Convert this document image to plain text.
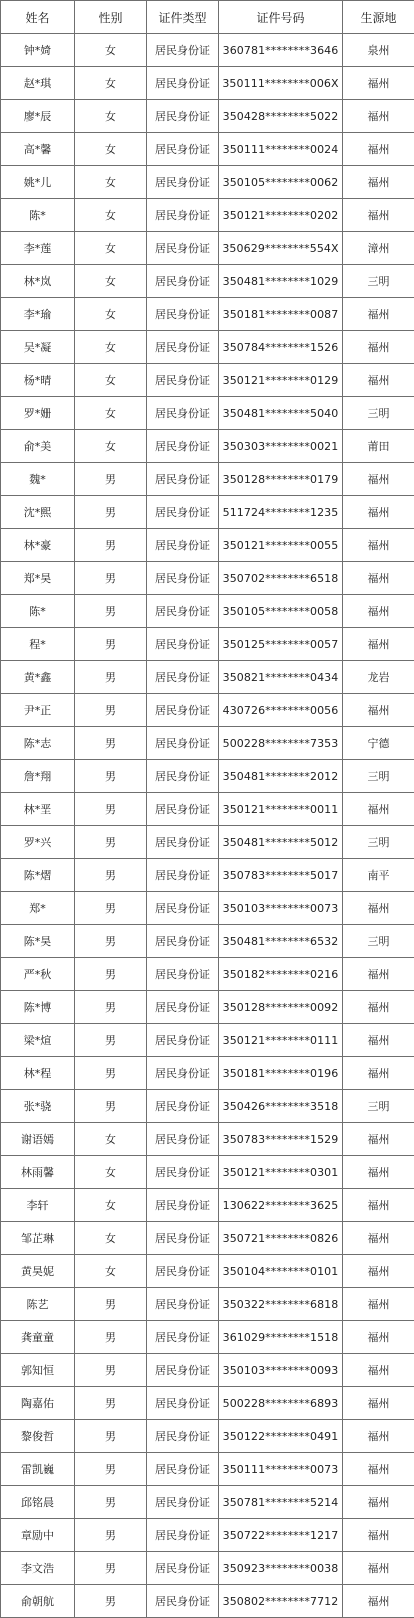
姓名	性别	证件类型	证件号码	生源地
钟*婍	女	居民身份证	360781********3646	泉州
赵*琪	女	居民身份证	350111********006X	福州
廖*辰	女	居民身份证	350428********5022	福州
高*馨	女	居民身份证	350111********0024	福州
姚*儿	女	居民身份证	350105********0062	福州
陈*	女	居民身份证	350121********0202	福州
李*莲	女	居民身份证	350629********554X	漳州
林*岚	女	居民身份证	350481********1029	三明
李*瑜	女	居民身份证	350181********0087	福州
吴*凝	女	居民身份证	350784********1526	福州
杨*晴	女	居民身份证	350121********0129	福州
罗*姗	女	居民身份证	350481********5040	三明
俞*美	女	居民身份证	350303********0021	莆田
魏*	男	居民身份证	350128********0179	福州
沈*熙	男	居民身份证	511724********1235	福州
林*豪	男	居民身份证	350121********0055	福州
郑*昊	男	居民身份证	350702********6518	福州
陈*	男	居民身份证	350105********0058	福州
程*	男	居民身份证	350125********0057	福州
黄*鑫	男	居民身份证	350821********0434	龙岩
尹*正	男	居民身份证	430726********0056	福州
陈*志	男	居民身份证	500228********7353	宁德
詹*翔	男	居民身份证	350481********2012	三明
林*垩	男	居民身份证	350121********0011	福州
罗*兴	男	居民身份证	350481********5012	三明
陈*熠	男	居民身份证	350783********5017	南平
郑*	男	居民身份证	350103********0073	福州
陈*昊	男	居民身份证	350481********6532	三明
严*秋	男	居民身份证	350182********0216	福州
陈*博	男	居民身份证	350128********0092	福州
梁*煊	男	居民身份证	350121********0111	福州
林*程	男	居民身份证	350181********0196	福州
张*骁	男	居民身份证	350426********3518	三明
谢语嫣	女	居民身份证	350783********1529	福州
林雨馨	女	居民身份证	350121********0301	福州
李轩	女	居民身份证	130622********3625	福州
邹芷琳	女	居民身份证	350721********0826	福州
黄昊妮	女	居民身份证	350104********0101	福州
陈艺	男	居民身份证	350322********6818	福州
龚童童	男	居民身份证	361029********1518	福州
郭知恒	男	居民身份证	350103********0093	福州
陶嘉佑	男	居民身份证	500228********6893	福州
黎俊哲	男	居民身份证	350122********0491	福州
雷凯巍	男	居民身份证	350111********0073	福州
邱铭晨	男	居民身份证	350781********5214	福州
章励中	男	居民身份证	350722********1217	福州
李文浩	男	居民身份证	350923********0038	福州
俞朝航	男	居民身份证	350802********7712	福州
